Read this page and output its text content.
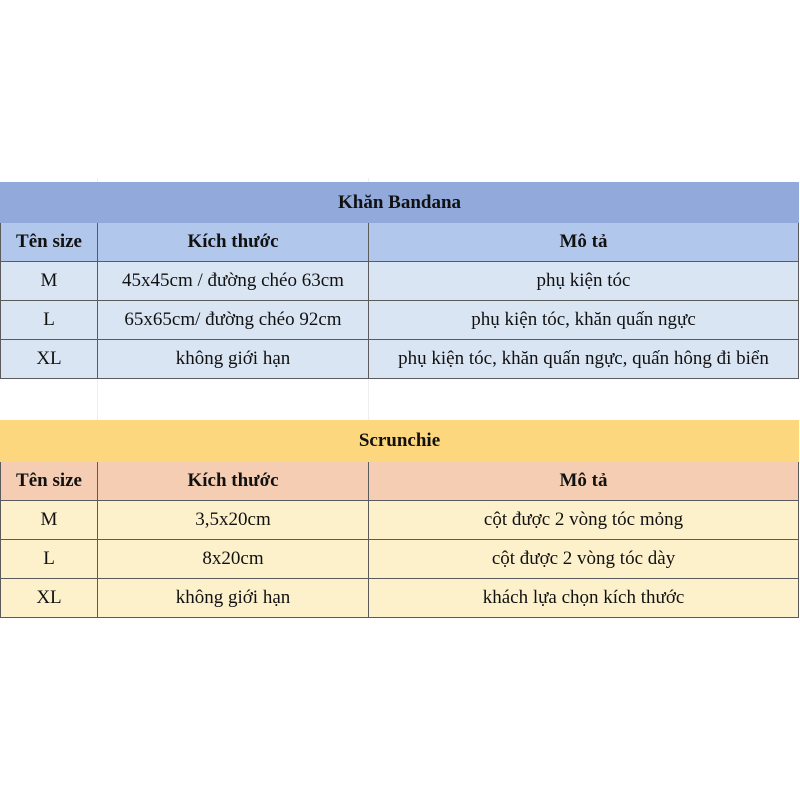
Khăn Bandana		
Tên size	Kích thước	Mô tả
M	45x45cm / đường chéo 63cm	phụ kiện tóc
L	65x65cm/ đường chéo 92cm	phụ kiện tóc, khăn quấn ngực
XL	không giới hạn	phụ kiện tóc, khăn quấn ngực, quấn hông đi biển
Scrunchie		
Tên size	Kích thước	Mô tả
M	3,5x20cm	cột được 2 vòng tóc mỏng
L	8x20cm	cột được 2 vòng tóc dày
XL	không giới hạn	khách lựa chọn kích thước
